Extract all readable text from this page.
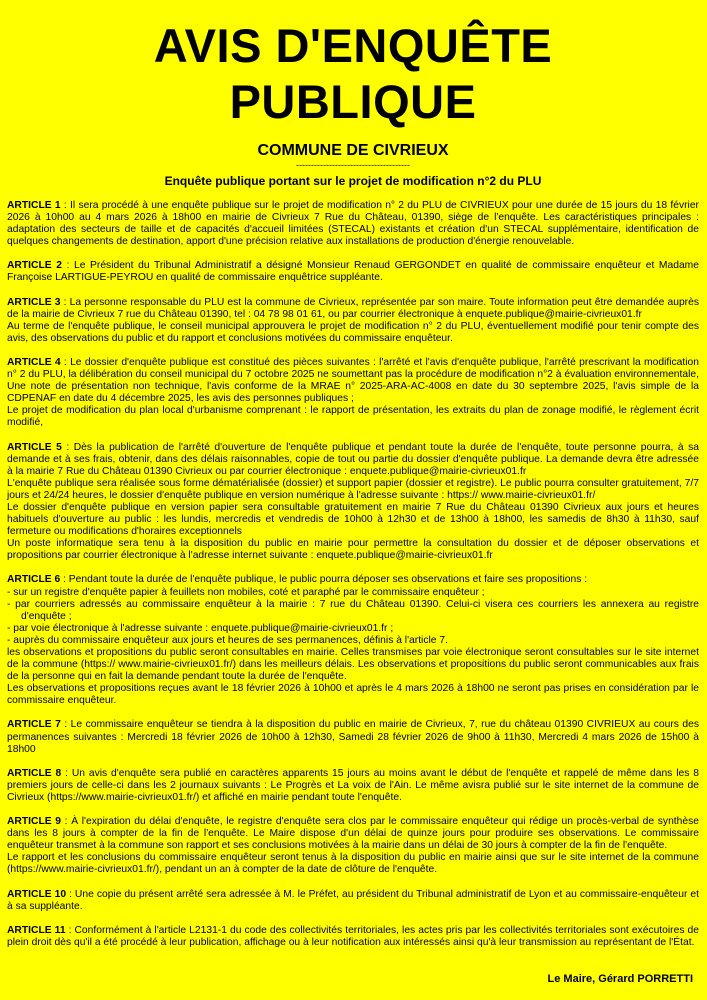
AVIS D'ENQUÊTE
PUBLIQUE
COMMUNE DE CIVRIEUX
--------------------------------------
Enquête publique portant sur le projet de modification n°2 du PLU

ARTICLE 1 : Il sera procédé à une enquête publique sur le projet de modification n° 2 du PLU de CIVRIEUX pour une durée de 15 jours du 18 février 2026 à 10h00 au 4 mars 2026 à 18h00 en mairie de Civrieux 7 Rue du Château, 01390, siège de l'enquête. Les caractéristiques principales : adaptation des secteurs de taille et de capacités d'accueil limitées (STECAL) existants et création d'un STECAL supplémentaire, identification de quelques changements de destination, apport d'une précision relative aux installations de production d'énergie renouvelable.

ARTICLE 2 : Le Président du Tribunal Administratif a désigné Monsieur Renaud GERGONDET en qualité de commissaire enquêteur et Madame Françoise LARTIGUE-PEYROU en qualité de commissaire enquêtrice suppléante.

ARTICLE 3 : La personne responsable du PLU est la commune de Civrieux, représentée par son maire. Toute information peut être demandée auprès de la mairie de Civrieux 7 rue du Château 01390, tel : 04 78 98 01 61, ou par courrier électronique à enquete.publique@mairie-civrieux01.fr

Au terme de l'enquête publique, le conseil municipal approuvera le projet de modification n° 2 du PLU, éventuellement modifié pour tenir compte des avis, des observations du public et du rapport et conclusions motivées du commissaire enquêteur.

ARTICLE 4 : Le dossier d'enquête publique est constitué des pièces suivantes : l'arrêté et l'avis d'enquête publique, l'arrêté prescrivant la modification n° 2 du PLU, la délibération du conseil municipal du 7 octobre 2025 ne soumettant pas la procédure de modification n°2 à évaluation environnementale, Une note de présentation non technique, l'avis conforme de la MRAE n° 2025-ARA-AC-4008 en date du 30 septembre 2025, l'avis simple de la CDPENAF en date du 4 décembre 2025, les avis des personnes publiques ;

Le projet de modification du plan local d'urbanisme comprenant : le rapport de présentation, les extraits du plan de zonage modifié, le règlement écrit modifié,

ARTICLE 5 : Dès la publication de l'arrêté d'ouverture de l'enquête publique et pendant toute la durée de l'enquête, toute personne pourra, à sa demande et à ses frais, obtenir, dans des délais raisonnables, copie de tout ou partie du dossier d'enquête publique. La demande devra être adressée à la mairie 7 Rue du Château 01390 Civrieux ou par courrier électronique : enquete.publique@mairie-civrieux01.fr

L'enquête publique sera réalisée sous forme dématérialisée (dossier) et support papier (dossier et registre). Le public pourra consulter gratuitement, 7/7 jours et 24/24 heures, le dossier d'enquête publique en version numérique à l'adresse suivante : https:// www.mairie-civrieux01.fr/

Le dossier d'enquête publique en version papier sera consultable gratuitement en mairie 7 Rue du Château 01390 Civrieux aux jours et heures habituels d'ouverture au public : les lundis, mercredis et vendredis de 10h00 à 12h30 et de 13h00 à 18h00, les samedis de 8h30 à 11h30, sauf fermeture ou modifications d'horaires exceptionnels

Un poste informatique sera tenu à la disposition du public en mairie pour permettre la consultation du dossier et de déposer observations et propositions par courrier électronique à l'adresse internet suivante : enquete.publique@mairie-civrieux01.fr

ARTICLE 6 : Pendant toute la durée de l'enquête publique, le public pourra déposer ses observations et faire ses propositions :

- sur un registre d'enquête papier à feuillets non mobiles, coté et paraphé par le commissaire enquêteur ;
- par courriers adressés au commissaire enquêteur à la mairie : 7 rue du Château 01390. Celui-ci visera ces courriers les annexera au registre d'enquête ;
- par voie électronique à l'adresse suivante : enquete.publique@mairie-civrieux01.fr ;
- auprès du commissaire enquêteur aux jours et heures de ses permanences, définis à l'article 7.

les observations et propositions du public seront consultables en mairie. Celles transmises par voie électronique seront consultables sur le site internet de la commune (https:// www.mairie-civrieux01.fr/) dans les meilleurs délais. Les observations et propositions du public seront communicables aux frais de la personne qui en fait la demande pendant toute la durée de l'enquête.

Les observations et propositions reçues avant le 18 février 2026 à 10h00 et après le 4 mars 2026 à 18h00 ne seront pas prises en considération par le commissaire enquêteur.

ARTICLE 7 : Le commissaire enquêteur se tiendra à la disposition du public en mairie de Civrieux, 7, rue du château 01390 CIVRIEUX au cours des permanences suivantes : Mercredi 18 février 2026 de 10h00 à 12h30, Samedi 28 février 2026 de 9h00 à 11h30, Mercredi 4 mars 2026 de 15h00 à 18h00

ARTICLE 8 : Un avis d'enquête sera publié en caractères apparents 15 jours au moins avant le début de l'enquête et rappelé de même dans les 8 premiers jours de celle-ci dans les 2 journaux suivants : Le Progrès et La voix de l'Ain. Le même avisra publié sur le site internet de la commune de Civrieux (https://www.mairie-civrieux01.fr/) et affiché en mairie pendant toute l'enquête.

ARTICLE 9 : À l'expiration du délai d'enquête, le registre d'enquête sera clos par le commissaire enquêteur qui rédige un procès-verbal de synthèse dans les 8 jours à compter de la fin de l'enquête. Le Maire dispose d'un délai de quinze jours pour produire ses observations. Le commissaire enquêteur transmet à la commune son rapport et ses conclusions motivées à la mairie dans un délai de 30 jours à compter de la fin de l'enquête.

Le rapport et les conclusions du commissaire enquêteur seront tenus à la disposition du public en mairie ainsi que sur le site internet de la commune (https://www.mairie-civrieux01.fr/), pendant un an à compter de la date de clôture de l'enquête.

ARTICLE 10 : Une copie du présent arrêté sera adressée à M. le Préfet, au président du Tribunal administratif de Lyon et au commissaire-enquêteur et à sa suppléante.

ARTICLE 11 : Conformément à l'article L2131-1 du code des collectivités territoriales, les actes pris par les collectivités territoriales sont exécutoires de plein droit dès qu'il a été procédé à leur publication, affichage ou à leur notification aux intéressés ainsi qu'à leur transmission au représentant de l'État.

Le Maire, Gérard PORRETTI
